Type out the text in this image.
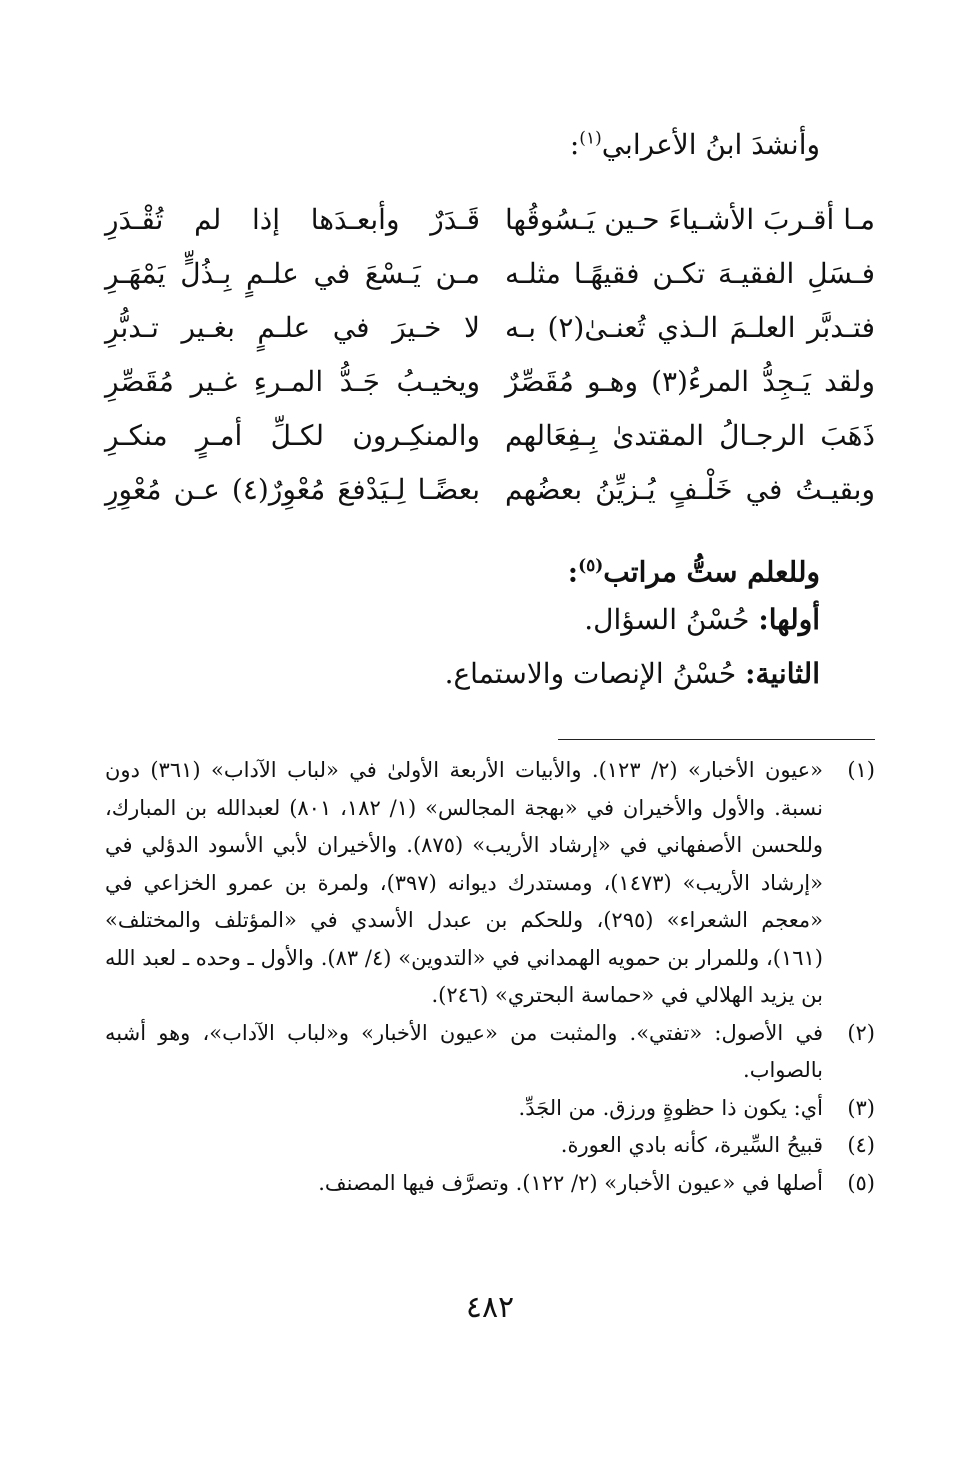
وأنشدَ ابنُ الأعرابي$^{(١)}$:
مـا أقـربَ الأشـياءَ حـين يَـسُوقُها
قَـدَرٌ وأبعـدَها إذا لم تُقْـدَرِ
فـسَلِ الفقيـهَ تكـن فقيهًـا مثلـه
مـن يَـسْعَ في علـمٍ بِـذُلٍّ يَمْهَـرِ
فتـدبَّر العلـمَ الـذي تُعنـىٰ(٢) بـه
لا خـيرَ في علـمٍ بغـير تـدبُّرِ
ولقد يَـجِدُّ المرءُ(٣) وهـو مُقَصِّرٌ
ويخيـبُ جَـدُّ المـرءِ غـير مُقَصِّرِ
ذَهَبَ الرجـالُ المقتدىٰ بِـفِعَالهم
والمنكِـرون لكـلِّ أمـرٍ منكـرِ
وبقيـتُ في خَلْـفٍ يُـزيِّنُ بعضُهم
بعضًـا لِـيَدْفعَ مُعْوِرٌ(٤) عـن مُعْوِرِ
وللعلم ستُّ مراتب$^{(٥)}$:
أولها: حُسْنُ السؤال.
الثانية: حُسْنُ الإنصات والاستماع.
(١)
«عيون الأخبار» (٢/ ١٢٣). والأبيات الأربعة الأولىٰ في «لباب الآداب» (٣٦١) دون نسبة. والأول والأخيران في «بهجة المجالس» (١/ ١٨٢، ٨٠١) لعبدالله بن المبارك، وللحسن الأصفهاني في «إرشاد الأريب» (٨٧٥). والأخيران لأبي الأسود الدؤلي في «إرشاد الأريب» (١٤٧٣)، ومستدرك ديوانه (٣٩٧)، ولمرة بن عمرو الخزاعي في «معجم الشعراء» (٢٩٥)، وللحكم بن عبدل الأسدي في «المؤتلف والمختلف» (١٦١)، وللمرار بن حمويه الهمداني في «التدوين» (٤/ ٨٣). والأول ـ وحده ـ لعبد الله بن يزيد الهلالي في «حماسة البحتري» (٢٤٦).
(٢)
في الأصول: «تفتي». والمثبت من «عيون الأخبار» و«لباب الآداب»، وهو أشبه بالصواب.
(٣)
أي: يكون ذا حظوةٍ ورزق. من الجَدِّ.
(٤)
قبيحُ السِّيرة، كأنه بادي العورة.
(٥)
أصلها في «عيون الأخبار» (٢/ ١٢٢). وتصرَّف فيها المصنف.
٤٨٢
